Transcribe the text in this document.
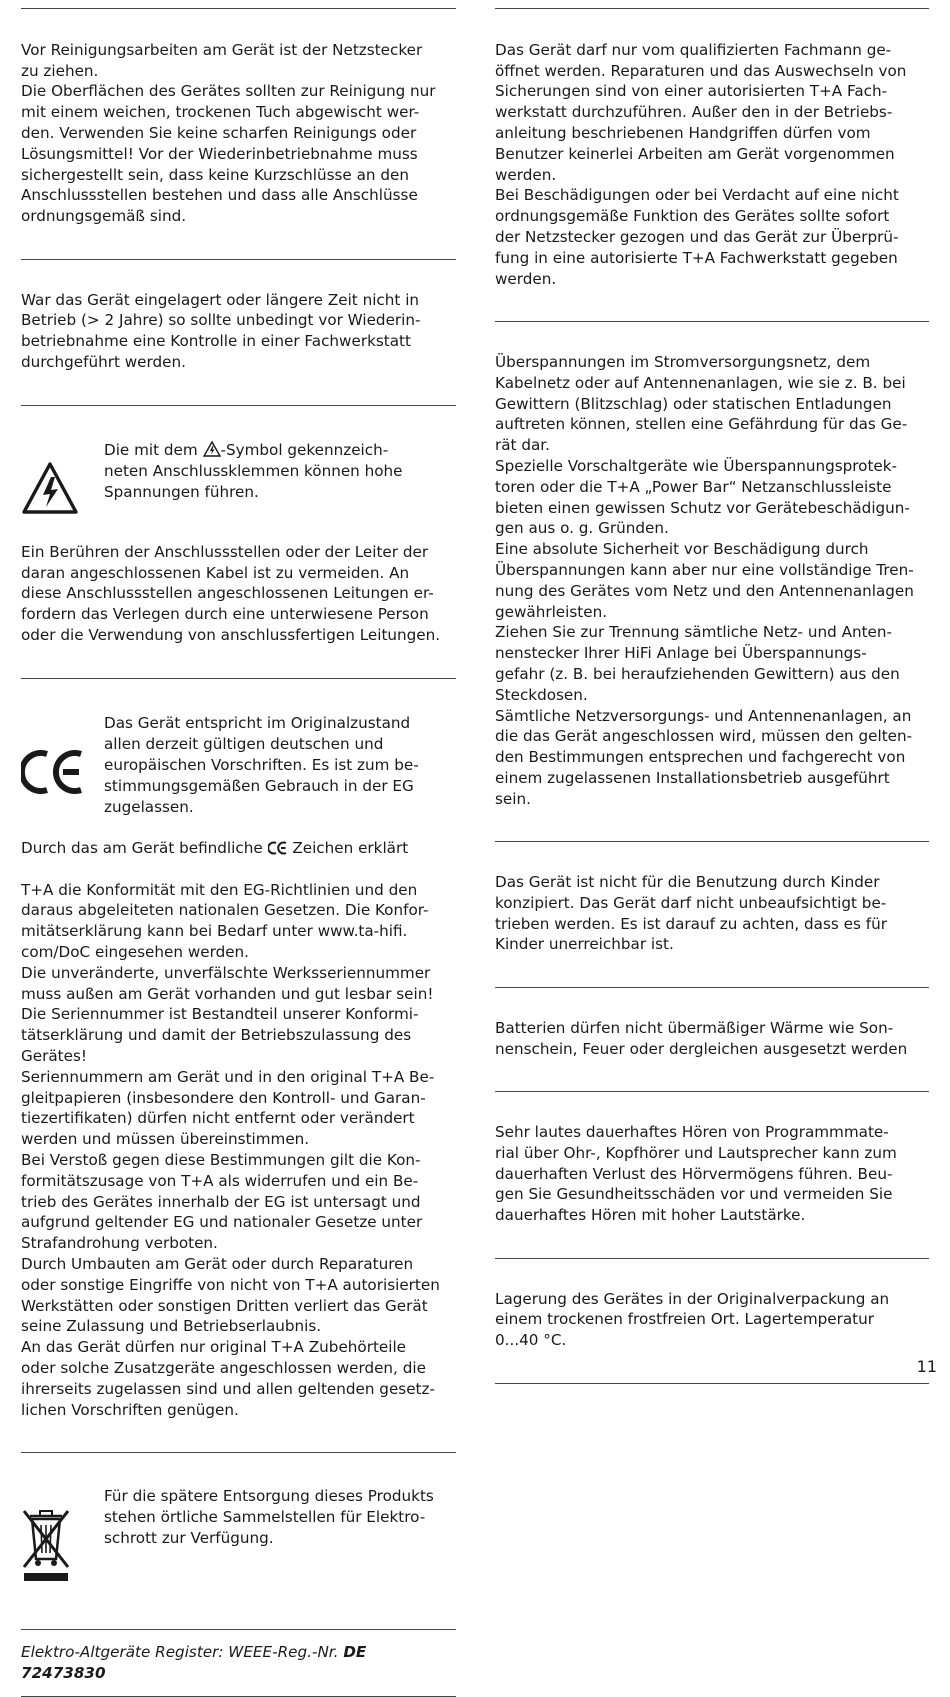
Vor Reinigungsarbeiten am Gerät ist der Netzstecker
zu ziehen.
Die Oberflächen des Gerätes sollten zur Reinigung nur
mit einem weichen, trockenen Tuch abgewischt wer-
den. Verwenden Sie keine scharfen Reinigungs oder
Lösungsmittel! Vor der Wiederinbetriebnahme muss
sichergestellt sein, dass keine Kurzschlüsse an den
Anschlussstellen bestehen und dass alle Anschlüsse
ordnungsgemäß sind.

War das Gerät eingelagert oder längere Zeit nicht in
Betrieb (> 2 Jahre) so sollte unbedingt vor Wiederin-
betriebnahme eine Kontrolle in einer Fachwerkstatt
durchgeführt werden.

Die mit dem -Symbol gekennzeich-
neten Anschlussklemmen können hohe
Spannungen führen.

Ein Berühren der Anschlussstellen oder der Leiter der
daran angeschlossenen Kabel ist zu vermeiden. An
diese Anschlussstellen angeschlossenen Leitungen er-
fordern das Verlegen durch eine unterwiesene Person
oder die Verwendung von anschlussfertigen Leitungen.

Das Gerät entspricht im Originalzustand
allen derzeit gültigen deutschen und
europäischen Vorschriften. Es ist zum be-
stimmungsgemäßen Gebrauch in der EG
zugelassen.

Durch das am Gerät befindliche  Zeichen erklärt

T+A die Konformität mit den EG-Richtlinien und den
daraus abgeleiteten nationalen Gesetzen. Die Konfor-
mitätserklärung kann bei Bedarf unter www.ta-hifi.
com/DoC eingesehen werden.
Die unveränderte, unverfälschte Werksseriennummer
muss außen am Gerät vorhanden und gut lesbar sein!
Die Seriennummer ist Bestandteil unserer Konformi-
tätserklärung und damit der Betriebszulassung des
Gerätes!
Seriennummern am Gerät und in den original T+A Be-
gleitpapieren (insbesondere den Kontroll- und Garan-
tiezertifikaten) dürfen nicht entfernt oder verändert
werden und müssen übereinstimmen.
Bei Verstoß gegen diese Bestimmungen gilt die Kon-
formitätszusage von T+A als widerrufen und ein Be-
trieb des Gerätes innerhalb der EG ist untersagt und
aufgrund geltender EG und nationaler Gesetze unter
Strafandrohung verboten.
Durch Umbauten am Gerät oder durch Reparaturen
oder sonstige Eingriffe von nicht von T+A autorisierten
Werkstätten oder sonstigen Dritten verliert das Gerät
seine Zulassung und Betriebserlaubnis.
An das Gerät dürfen nur original T+A Zubehörteile
oder solche Zusatzgeräte angeschlossen werden, die
ihrerseits zugelassen sind und allen geltenden gesetz-
lichen Vorschriften genügen.

Für die spätere Entsorgung dieses Produkts
stehen örtliche Sammelstellen für Elektro-
schrott zur Verfügung.

Elektro-Altgeräte Register: WEEE-Reg.-Nr. DE 72473830

Das Gerät darf nur vom qualifizierten Fachmann ge-
öffnet werden. Reparaturen und das Auswechseln von
Sicherungen sind von einer autorisierten T+A Fach-
werkstatt durchzuführen. Außer den in der Betriebs-
anleitung beschriebenen Handgriffen dürfen vom
Benutzer keinerlei Arbeiten am Gerät vorgenommen
werden.
Bei Beschädigungen oder bei Verdacht auf eine nicht
ordnungsgemäße Funktion des Gerätes sollte sofort
der Netzstecker gezogen und das Gerät zur Überprü-
fung in eine autorisierte T+A Fachwerkstatt gegeben
werden.

Überspannungen im Stromversorgungsnetz, dem
Kabelnetz oder auf Antennenanlagen, wie sie z. B. bei
Gewittern (Blitzschlag) oder statischen Entladungen
auftreten können, stellen eine Gefährdung für das Ge-
rät dar.
Spezielle Vorschaltgeräte wie Überspannungsprotek-
toren oder die T+A „Power Bar“ Netzanschlussleiste
bieten einen gewissen Schutz vor Gerätebeschädigun-
gen aus o. g. Gründen.
Eine absolute Sicherheit vor Beschädigung durch
Überspannungen kann aber nur eine vollständige Tren-
nung des Gerätes vom Netz und den Antennenanlagen
gewährleisten.
Ziehen Sie zur Trennung sämtliche Netz- und Anten-
nenstecker Ihrer HiFi Anlage bei Überspannungs-
gefahr (z. B. bei heraufziehenden Gewittern) aus den
Steckdosen.
Sämtliche Netzversorgungs- und Antennenanlagen, an
die das Gerät angeschlossen wird, müssen den gelten-
den Bestimmungen entsprechen und fachgerecht von
einem zugelassenen Installationsbetrieb ausgeführt
sein.

Das Gerät ist nicht für die Benutzung durch Kinder
konzipiert. Das Gerät darf nicht unbeaufsichtigt be-
trieben werden. Es ist darauf zu achten, dass es für
Kinder unerreichbar ist.

Batterien dürfen nicht übermäßiger Wärme wie Son-
nenschein, Feuer oder dergleichen ausgesetzt werden

Sehr lautes dauerhaftes Hören von Programmmate-
rial über Ohr-, Kopfhörer und Lautsprecher kann zum
dauerhaften Verlust des Hörvermögens führen. Beu-
gen Sie Gesundheitsschäden vor und vermeiden Sie
dauerhaftes Hören mit hoher Lautstärke.

Lagerung des Gerätes in der Originalverpackung an
einem trockenen frostfreien Ort. Lagertemperatur
0...40 °C.

11
